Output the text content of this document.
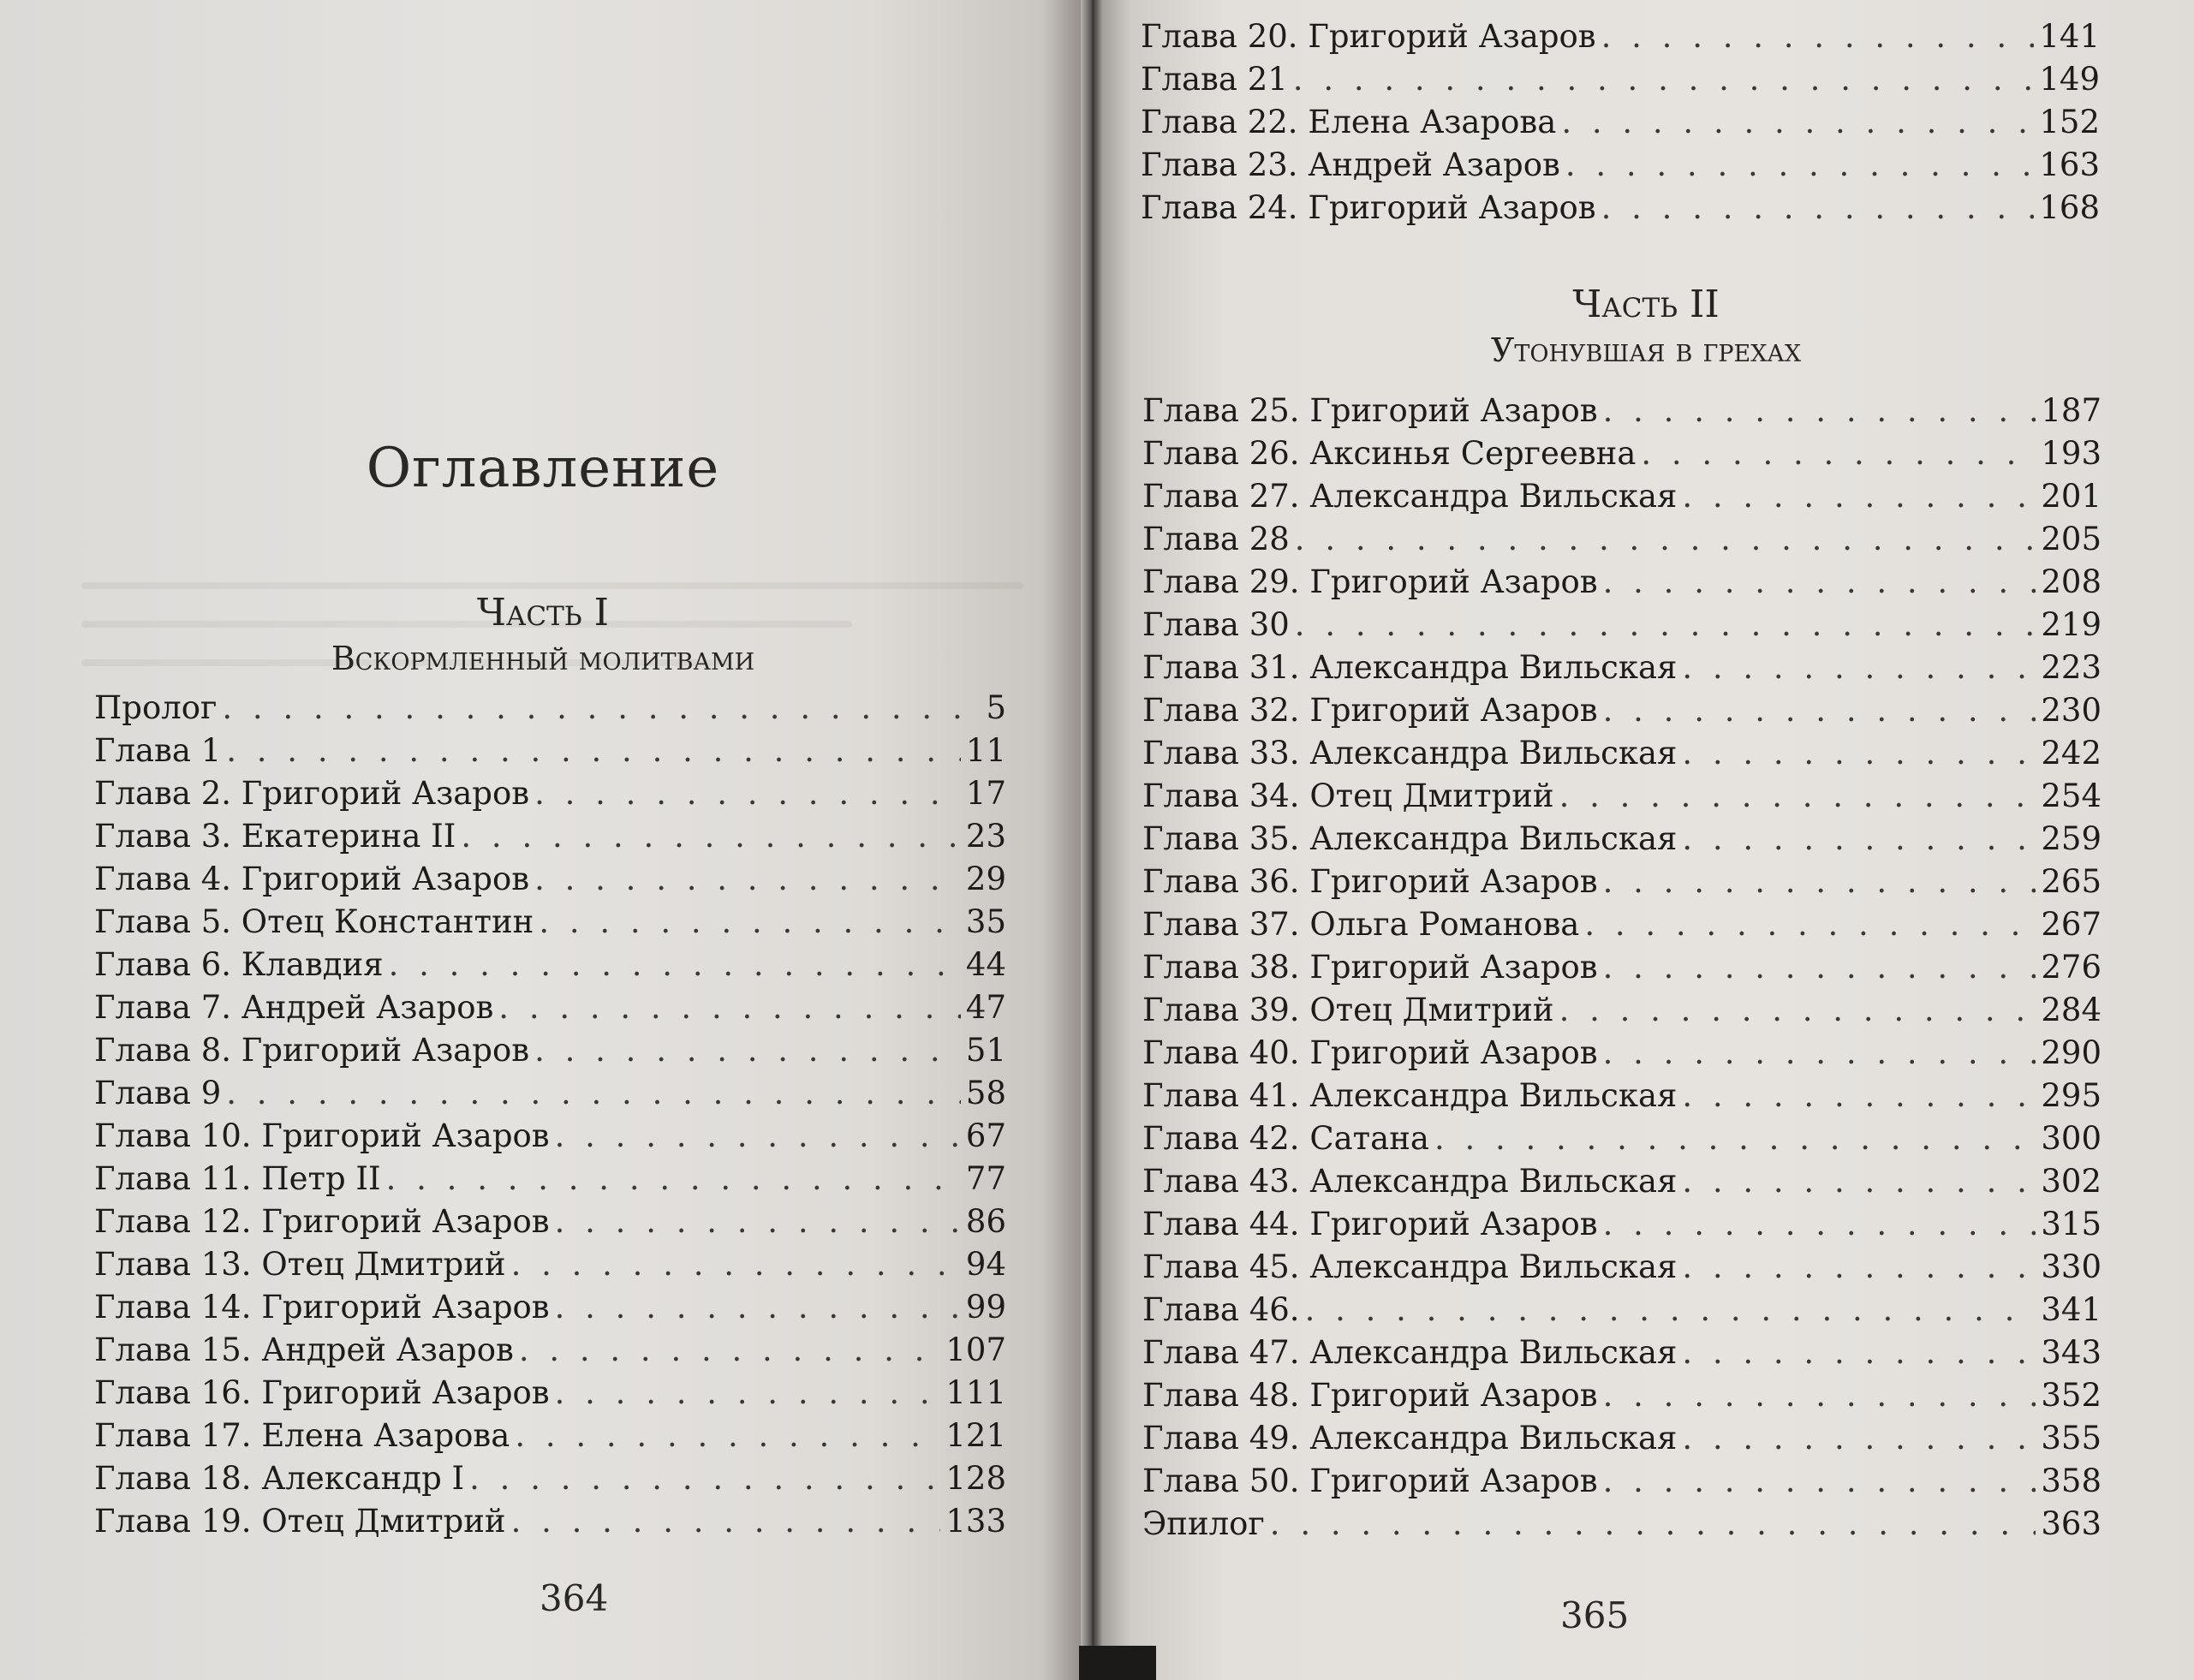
Оглавление
Часть I
Вскормленный молитвами
Пролог . . .	5
Глава 1 . . .	11
Глава 2. Григорий Азаров . . .	17
Глава 3. Екатерина II . . .	23
Глава 4. Григорий Азаров . . .	29
Глава 5. Отец Константин . . .	35
Глава 6. Клавдия . . .	44
Глава 7. Андрей Азаров . . .	47
Глава 8. Григорий Азаров . . .	51
Глава 9 . . .	58
Глава 10. Григорий Азаров . . .	67
Глава 11. Петр II . . .	77
Глава 12. Григорий Азаров . . .	86
Глава 13. Отец Дмитрий . . .	94
Глава 14. Григорий Азаров . . .	99
Глава 15. Андрей Азаров . . .	107
Глава 16. Григорий Азаров . . .	111
Глава 17. Елена Азарова . . .	121
Глава 18. Александр I . . .	128
Глава 19. Отец Дмитрий . . .	133
364
Глава 20. Григорий Азаров . . .	141
Глава 21 . . .	149
Глава 22. Елена Азарова . . .	152
Глава 23. Андрей Азаров . . .	163
Глава 24. Григорий Азаров . . .	168
Часть II
Утонувшая в грехах
Глава 25. Григорий Азаров . . .	187
Глава 26. Аксинья Сергеевна . . .	193
Глава 27. Александра Вильская . . .	201
Глава 28 . . .	205
Глава 29. Григорий Азаров . . .	208
Глава 30 . . .	219
Глава 31. Александра Вильская . . .	223
Глава 32. Григорий Азаров . . .	230
Глава 33. Александра Вильская . . .	242
Глава 34. Отец Дмитрий . . .	254
Глава 35. Александра Вильская . . .	259
Глава 36. Григорий Азаров . . .	265
Глава 37. Ольга Романова . . .	267
Глава 38. Григорий Азаров . . .	276
Глава 39. Отец Дмитрий . . .	284
Глава 40. Григорий Азаров . . .	290
Глава 41. Александра Вильская . . .	295
Глава 42. Сатана . . .	300
Глава 43. Александра Вильская . . .	302
Глава 44. Григорий Азаров . . .	315
Глава 45. Александра Вильская . . .	330
Глава 46. . . .	341
Глава 47. Александра Вильская . . .	343
Глава 48. Григорий Азаров . . .	352
Глава 49. Александра Вильская . . .	355
Глава 50. Григорий Азаров . . .	358
Эпилог . . .	363
365
